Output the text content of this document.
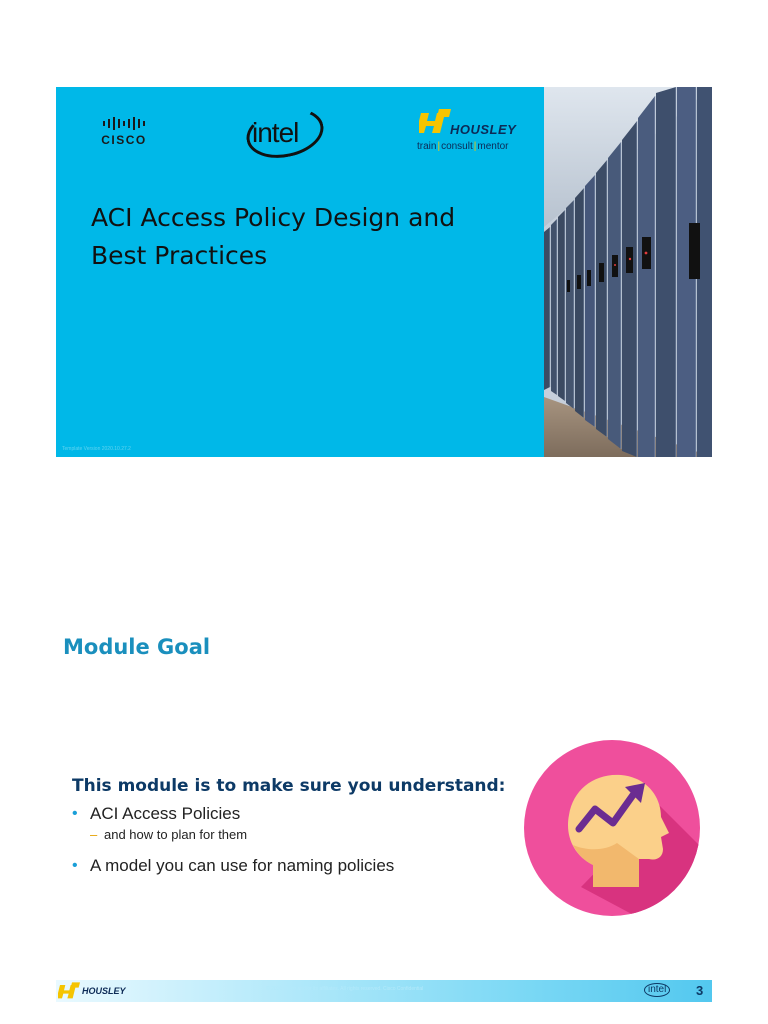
CISCO	intel	HOUSLEY
train|consult|mentor
ACI Access Policy Design and
Best Practices
Template Version 2020.10.27.2
Module Goal
This module is to make sure you understand:
• ACI Access Policies
– and how to plan for them
• A model you can use for naming policies
HOUSLEY	© 2020 Cisco and/or its affiliates. All rights reserved. Cisco Confidential	intel	3
